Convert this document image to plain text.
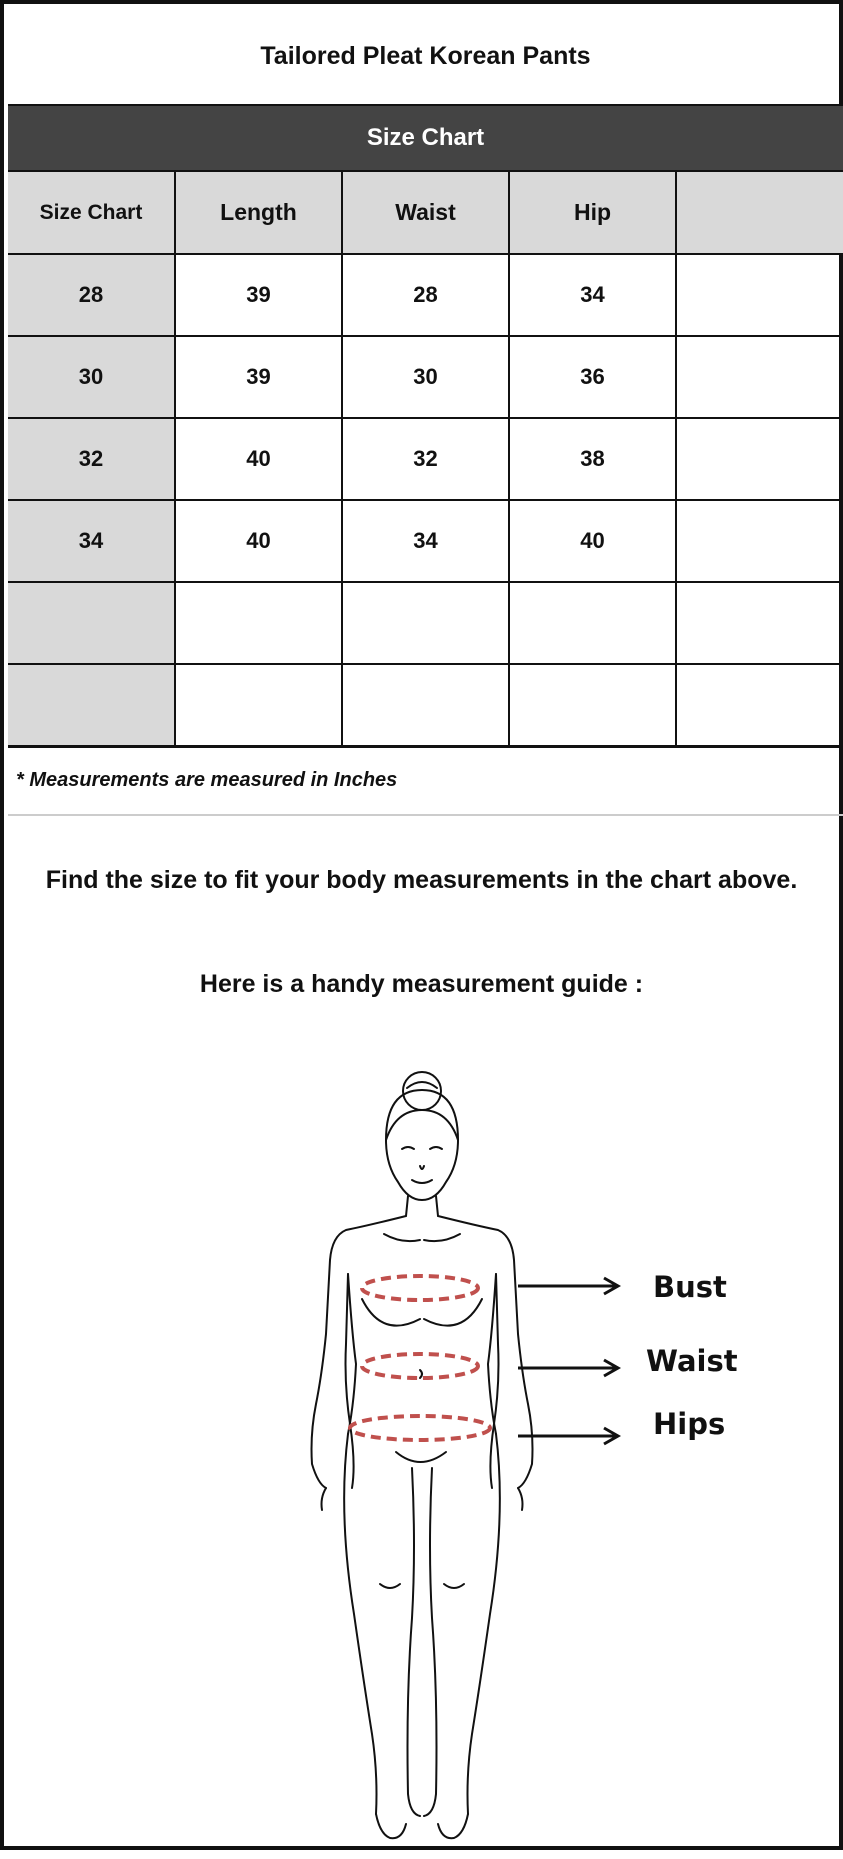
Tailored Pleat Korean Pants
Size Chart
Size Chart	Length	Waist	Hip	
28	39	28	34	
30	39	30	36	
32	40	32	38	
34	40	34	40	

* Measurements are measured in Inches
Find the size to fit your body measurements in the chart above.
Here is a handy measurement guide :
Bust
Waist
Hips
